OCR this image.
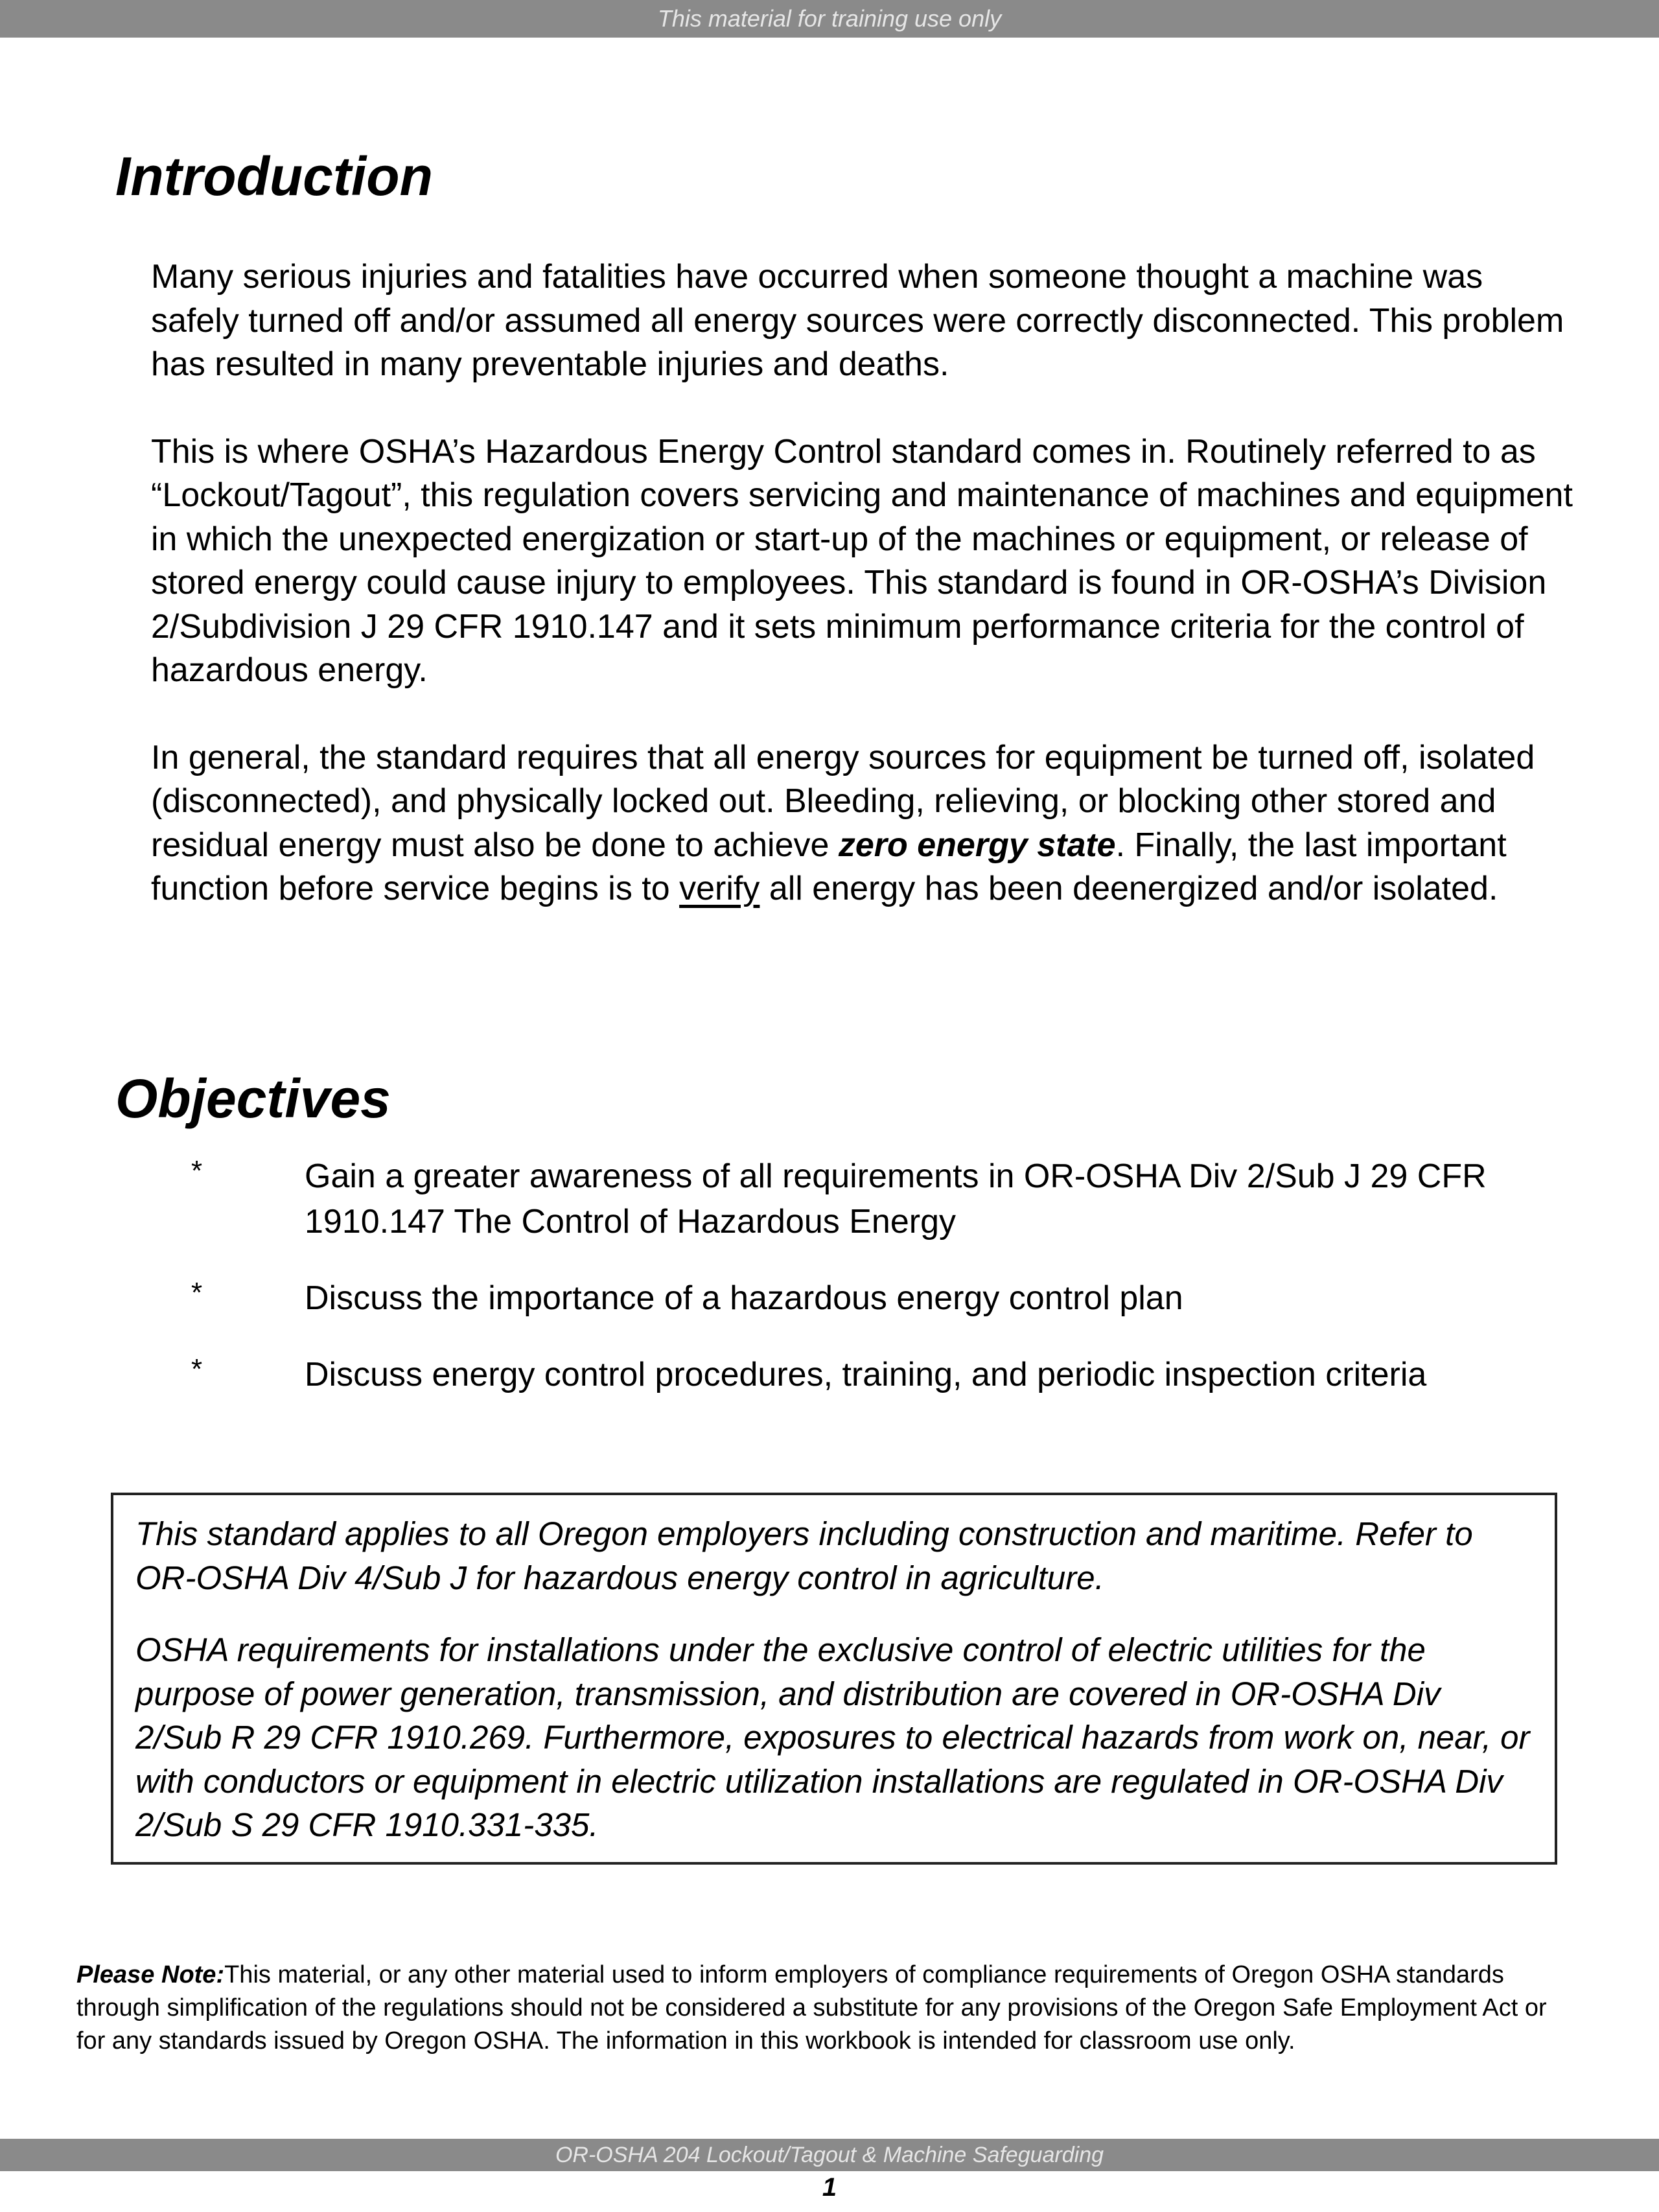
This material for training use only
Introduction

Many serious injuries and fatalities have occurred when someone thought a machine was safely turned off and/or assumed all energy sources were correctly disconnected. This problem has resulted in many preventable injuries and deaths.

This is where OSHA’s Hazardous Energy Control standard comes in. Routinely referred to as “Lockout/Tagout”, this regulation covers servicing and maintenance of machines and equipment in which the unexpected energization or start-up of the machines or equipment, or release of stored energy could cause injury to employees. This standard is found in OR-OSHA’s Division 2/Subdivision J 29 CFR 1910.147 and it sets minimum performance criteria for the control of hazardous energy.

In general, the standard requires that all energy sources for equipment be turned off, isolated (disconnected), and physically locked out. Bleeding, relieving, or blocking other stored and residual energy must also be done to achieve zero energy state. Finally, the last important function before service begins is to verify all energy has been deenergized and/or isolated.

Objectives
*	Gain a greater awareness of all requirements in OR-OSHA Div 2/Sub J 29 CFR 1910.147 The Control of Hazardous Energy
*	Discuss the importance of a hazardous energy control plan
*	Discuss energy control procedures, training, and periodic inspection criteria

This standard applies to all Oregon employers including construction and maritime. Refer to OR-OSHA Div 4/Sub J for hazardous energy control in agriculture.

OSHA requirements for installations under the exclusive control of electric utilities for the purpose of power generation, transmission, and distribution are covered in OR-OSHA Div 2/Sub R 29 CFR 1910.269. Furthermore, exposures to electrical hazards from work on, near, or with conductors or equipment in electric utilization installations are regulated in OR-OSHA Div 2/Sub S 29 CFR 1910.331-335.

Please Note:This material, or any other material used to inform employers of compliance requirements of Oregon OSHA standards through simplification of the regulations should not be considered a substitute for any provisions of the Oregon Safe Employment Act or for any standards issued by Oregon OSHA. The information in this workbook is intended for classroom use only.

OR-OSHA 204 Lockout/Tagout & Machine Safeguarding
1
